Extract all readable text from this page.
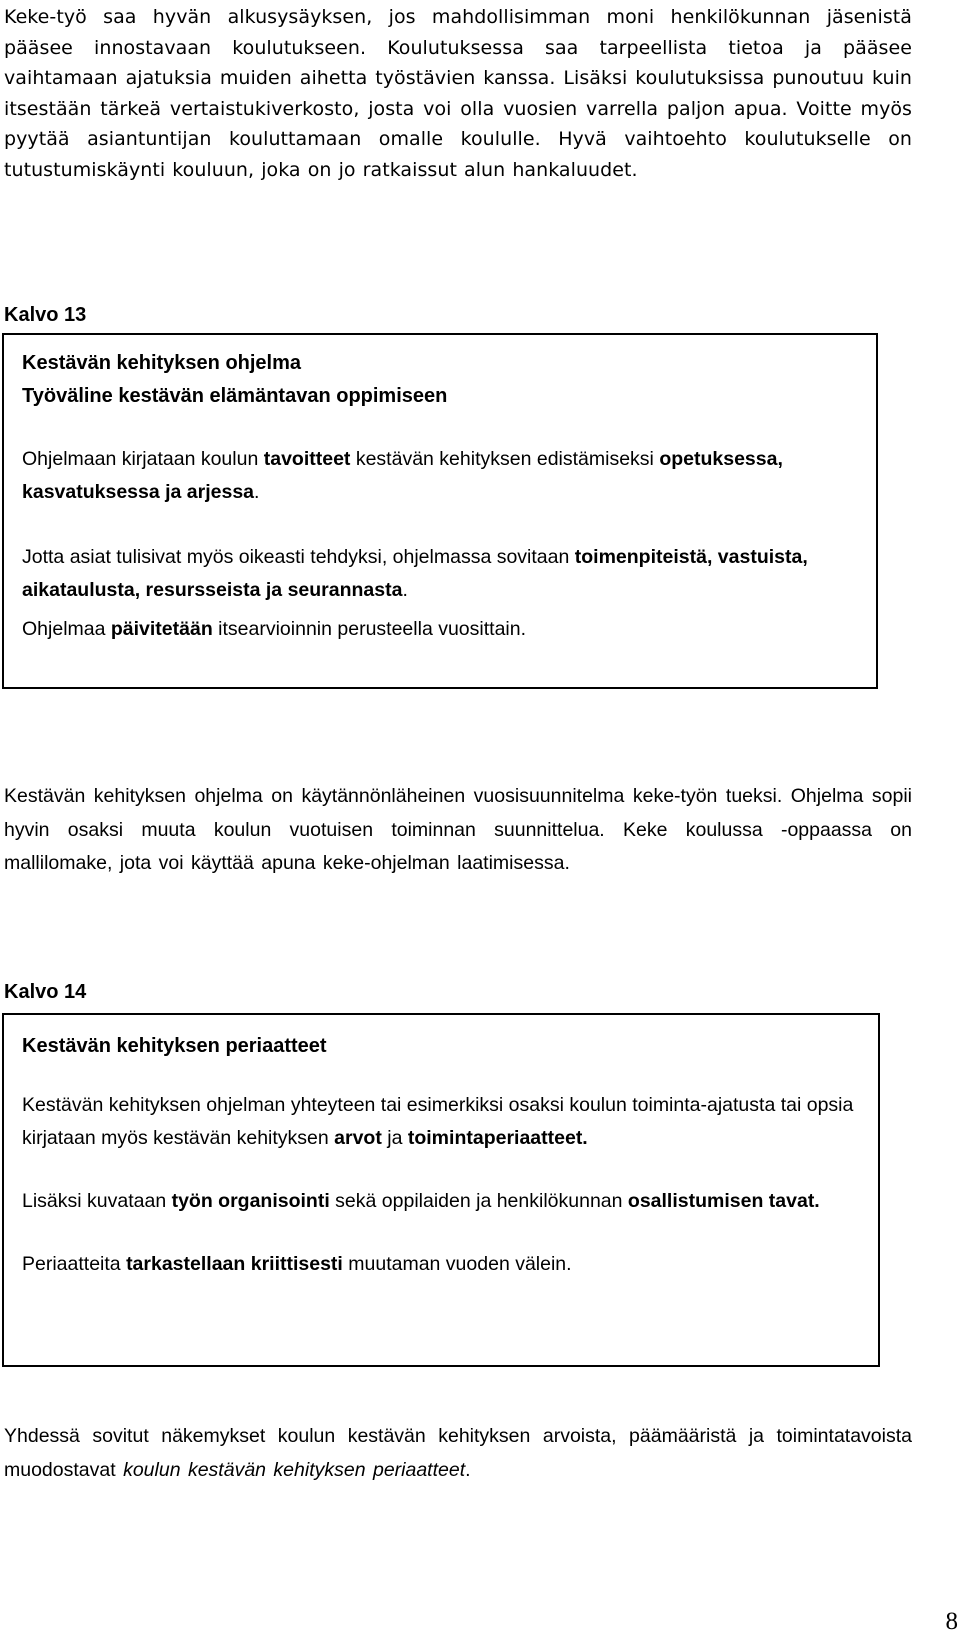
Keke-työ saa hyvän alkusysäyksen, jos mahdollisimman moni henkilökunnan jäsenistä pääsee innostavaan koulutukseen. Koulutuksessa saa tarpeellista tietoa ja pääsee vaihtamaan ajatuksia muiden aihetta työstävien kanssa. Lisäksi koulutuksissa punoutuu kuin itsestään tärkeä vertaistukiverkosto, josta voi olla vuosien varrella paljon apua. Voitte myös pyytää asiantuntijan kouluttamaan omalle koululle. Hyvä vaihtoehto koulutukselle on tutustumiskäynti kouluun, joka on jo ratkaissut alun hankaluudet.

Kalvo 13

Kestävän kehityksen ohjelma

Työväline kestävän elämäntavan oppimiseen

Ohjelmaan kirjataan koulun tavoitteet kestävän kehityksen edistämiseksi opetuksessa, kasvatuksessa ja arjessa.

Jotta asiat tulisivat myös oikeasti tehdyksi, ohjelmassa sovitaan toimenpiteistä, vastuista, aikataulusta, resursseista ja seurannasta.

Ohjelmaa päivitetään itsearvioinnin perusteella vuosittain.

Kestävän kehityksen ohjelma on käytännönläheinen vuosisuunnitelma keke-työn tueksi. Ohjelma sopii hyvin osaksi muuta koulun vuotuisen toiminnan suunnittelua. Keke koulussa -oppaassa on mallilomake, jota voi käyttää apuna keke-ohjelman laatimisessa.

Kalvo 14

Kestävän kehityksen periaatteet

Kestävän kehityksen ohjelman yhteyteen tai esimerkiksi osaksi koulun toiminta-ajatusta tai opsia kirjataan myös kestävän kehityksen arvot ja toimintaperiaatteet.

Lisäksi kuvataan työn organisointi sekä oppilaiden ja henkilökunnan osallistumisen tavat.

Periaatteita tarkastellaan kriittisesti muutaman vuoden välein.

Yhdessä sovitut näkemykset koulun kestävän kehityksen arvoista, päämääristä ja toimintatavoista muodostavat koulun kestävän kehityksen periaatteet.

8
